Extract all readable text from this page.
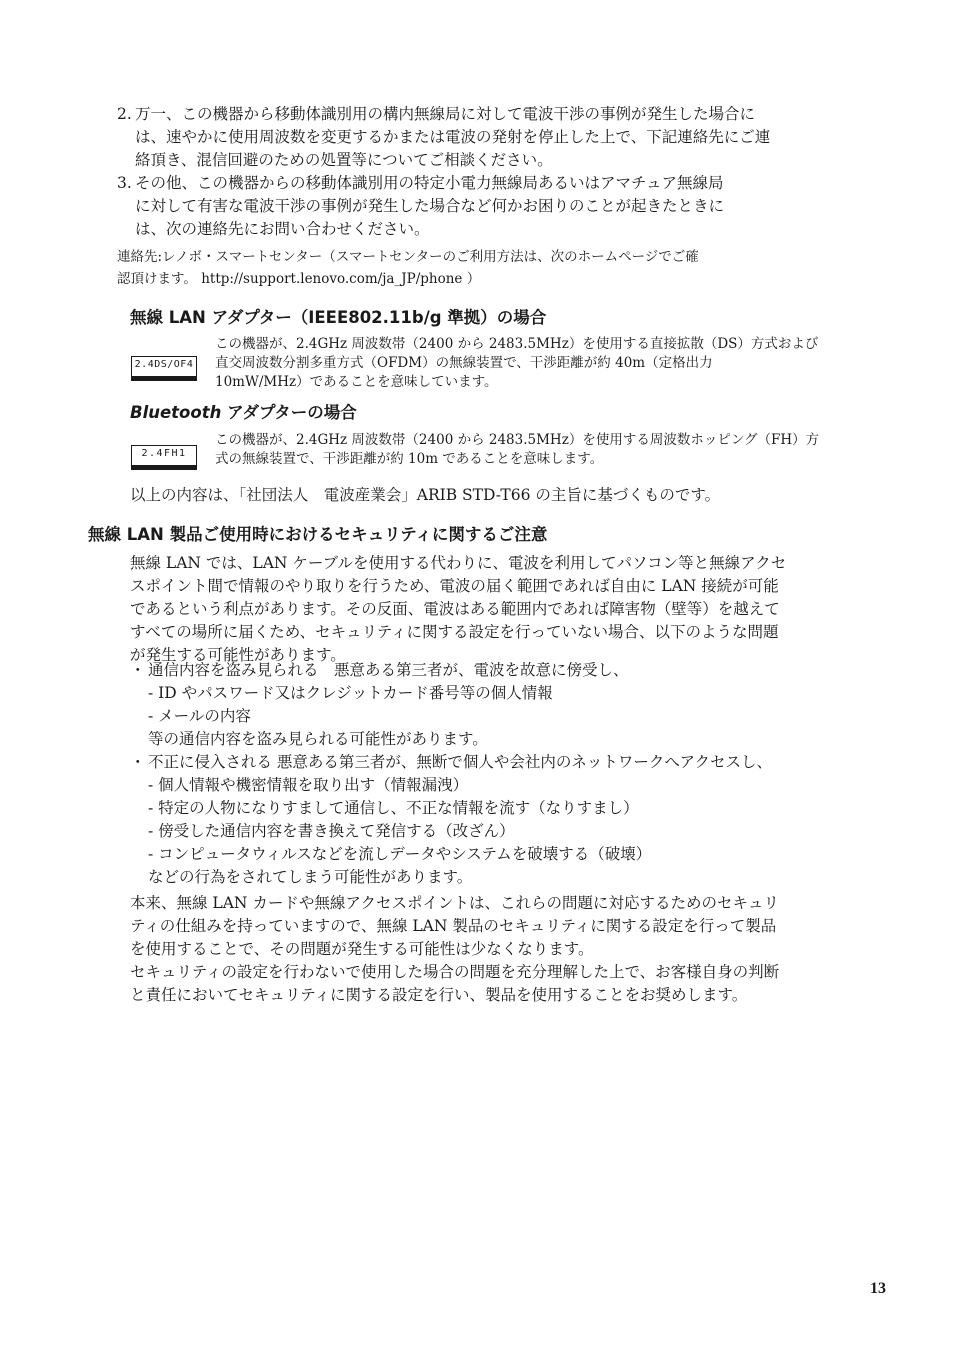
2. 万一、この機器から移動体識別用の構内無線局に対して電波干渉の事例が発生した場合に
は、速やかに使用周波数を変更するかまたは電波の発射を停止した上で、下記連絡先にご連
絡頂き、混信回避のための処置等についてご相談ください。
3. その他、この機器からの移動体識別用の特定小電力無線局あるいはアマチュア無線局
に対して有害な電波干渉の事例が発生した場合など何かお困りのことが起きたときに
は、次の連絡先にお問い合わせください。
連絡先:レノボ・スマートセンター（スマートセンターのご利用方法は、次のホームページでご確
認頂けます。 http://support.lenovo.com/ja_JP/phone ）
無線 LAN アダプター（IEEE802.11b/g 準拠）の場合
2.4DS/OF4
この機器が、2.4GHz 周波数帯（2400 から 2483.5MHz）を使用する直接拡散（DS）方式および
直交周波数分割多重方式（OFDM）の無線装置で、干渉距離が約 40m（定格出力
10mW/MHz）であることを意味しています。
Bluetooth アダプターの場合
2.4FH1
この機器が、2.4GHz 周波数帯（2400 から 2483.5MHz）を使用する周波数ホッピング（FH）方
式の無線装置で、干渉距離が約 10m であることを意味します。
以上の内容は、「社団法人　電波産業会」ARIB STD-T66 の主旨に基づくものです。
無線 LAN 製品ご使用時におけるセキュリティに関するご注意
無線 LAN では、LAN ケーブルを使用する代わりに、電波を利用してパソコン等と無線アクセ
スポイント間で情報のやり取りを行うため、電波の届く範囲であれば自由に LAN 接続が可能
であるという利点があります。その反面、電波はある範囲内であれば障害物（壁等）を越えて
すべての場所に届くため、セキュリティに関する設定を行っていない場合、以下のような問題
が発生する可能性があります。
・ 通信内容を盗み見られる　悪意ある第三者が、電波を故意に傍受し、
- ID やパスワード又はクレジットカード番号等の個人情報
- メールの内容
等の通信内容を盗み見られる可能性があります。
・ 不正に侵入される 悪意ある第三者が、無断で個人や会社内のネットワークへアクセスし、
- 個人情報や機密情報を取り出す（情報漏洩）
- 特定の人物になりすまして通信し、不正な情報を流す（なりすまし）
- 傍受した通信内容を書き換えて発信する（改ざん）
- コンピュータウィルスなどを流しデータやシステムを破壊する（破壊）
などの行為をされてしまう可能性があります。
本来、無線 LAN カードや無線アクセスポイントは、これらの問題に対応するためのセキュリ
ティの仕組みを持っていますので、無線 LAN 製品のセキュリティに関する設定を行って製品
を使用することで、その問題が発生する可能性は少なくなります。
セキュリティの設定を行わないで使用した場合の問題を充分理解した上で、お客様自身の判断
と責任においてセキュリティに関する設定を行い、製品を使用することをお奨めします。
13
